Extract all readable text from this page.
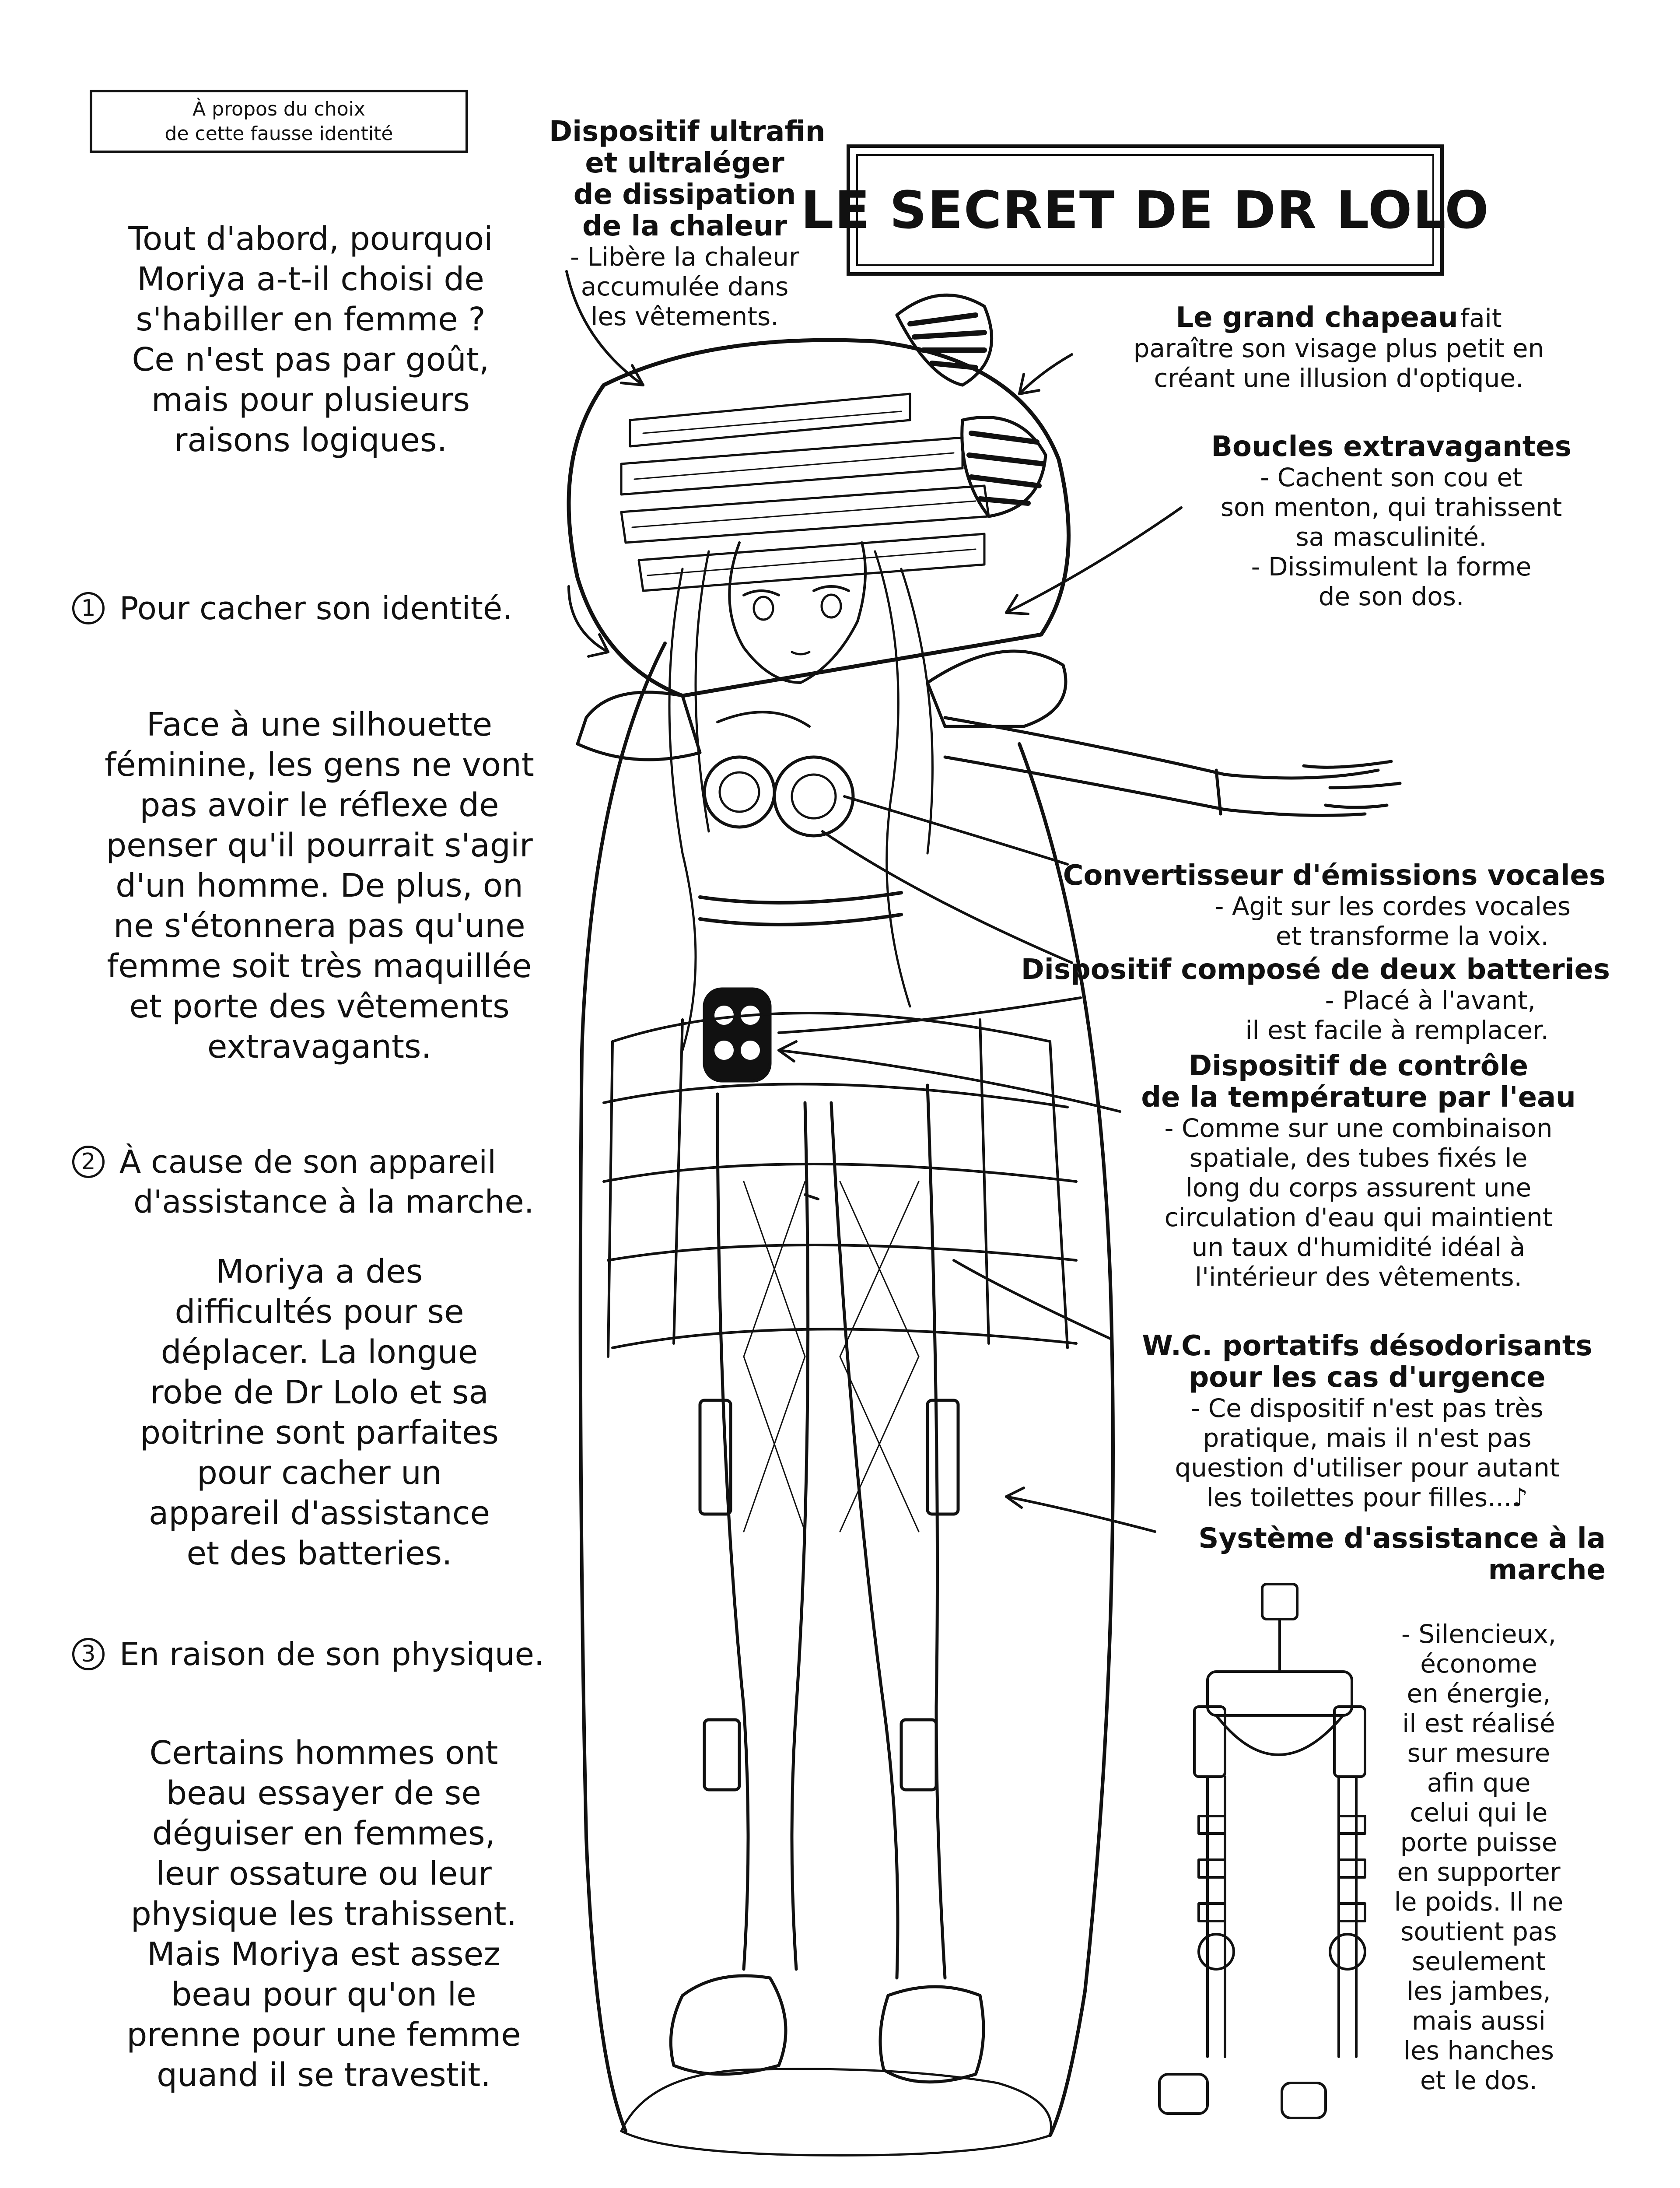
À propos du choix
de cette fausse identité
LE SECRET DE DR LOLO
Tout d'abord, pourquoi
Moriya a-t-il choisi de
s'habiller en femme ?
Ce n'est pas par goût,
mais pour plusieurs
raisons logiques.
1 Pour cacher son identité.
Face à une silhouette
féminine, les gens ne vont
pas avoir le réflexe de
penser qu'il pourrait s'agir
d'un homme. De plus, on
ne s'étonnera pas qu'une
femme soit très maquillée
et porte des vêtements
extravagants.
2 À cause de son appareil
d'assistance à la marche.
Moriya a des
difficultés pour se
déplacer. La longue
robe de Dr Lolo et sa
poitrine sont parfaites
pour cacher un
appareil d'assistance
et des batteries.
3 En raison de son physique.
Certains hommes ont
beau essayer de se
déguiser en femmes,
leur ossature ou leur
physique les trahissent.
Mais Moriya est assez
beau pour qu'on le
prenne pour une femme
quand il se travestit.
Dispositif ultrafin
et ultraléger
de dissipation
de la chaleur
- Libère la chaleur
accumulée dans
les vêtements.	Le grand chapeau fait
paraître son visage plus petit en
créant une illusion d'optique.
Boucles extravagantes
- Cachent son cou et
son menton, qui trahissent
sa masculinité.
- Dissimulent la forme
de son dos.
Convertisseur d'émissions vocales
- Agit sur les cordes vocales
et transforme la voix.
Dispositif composé de deux batteries
- Placé à l'avant,
il est facile à remplacer.
Dispositif de contrôle
de la température par l'eau
- Comme sur une combinaison
spatiale, des tubes fixés le
long du corps assurent une
circulation d'eau qui maintient
un taux d'humidité idéal à
l'intérieur des vêtements.
W.C. portatifs désodorisants
pour les cas d'urgence
- Ce dispositif n'est pas très
pratique, mais il n'est pas
question d'utiliser pour autant
les toilettes pour filles...♪
Système d'assistance à la
marche
- Silencieux,
économe
en énergie,
il est réalisé
sur mesure
afin que
celui qui le
porte puisse
en supporter
le poids. Il ne
soutient pas
seulement
les jambes,
mais aussi
les hanches
et le dos.
